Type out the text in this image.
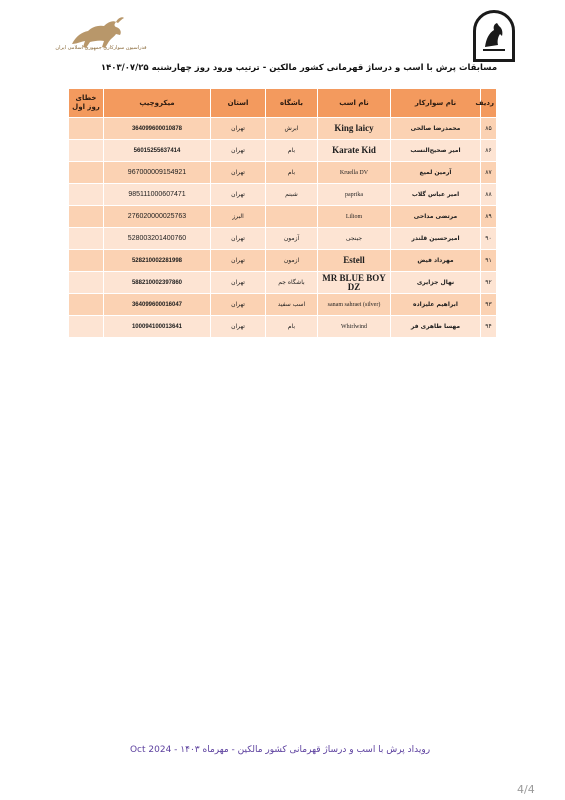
فدراسیون سوارکاری جمهوری اسلامی ایران
مسابقات پرش با اسب و درساژ قهرمانی کشور مالکین - ترتیب ورود روز چهارشنبه ۱۴۰۳/۰۷/۲۵
ردیف	نام سوارکار	نام اسب	باشگاه	استان	میکروچیپ	خطای روز اول
۸۵	محمدرضا صالحی	King laicy	ابرش	تهران	364099600010878	
۸۶	امیر صحیح‌النسب	Karate Kid	بام	تهران	56015255637414	
۸۷	آرمین لمیع	Kruella DV	بام	تهران	967000009154921	
۸۸	امیر عباس گلاب	paprika	شبنم	تهران	985111000607471	
۸۹	مرتضی مداحی	Liliom		البرز	276020000025763	
۹۰	امیرحسین قلندر	جینجی	آزمون	تهران	528003201400760	
۹۱	مهرداد فیض	Estell	ازمون	تهران	528210002281998	
۹۲	نهال جزایری	MR BLUE BOY DZ	باشگاه جم	تهران	588210002397860	
۹۳	ابراهیم علیزاده	sanam sahraei (silver)	اسب سفید	تهران	364099600016047	
۹۴	مهسا طاهری فر	Whirlwind	بام	تهران	100094100013641	
رویداد پرش با اسب و درساژ قهرمانی کشور مالکین - مهرماه ۱۴۰۳ - 2024 Oct
4/4
